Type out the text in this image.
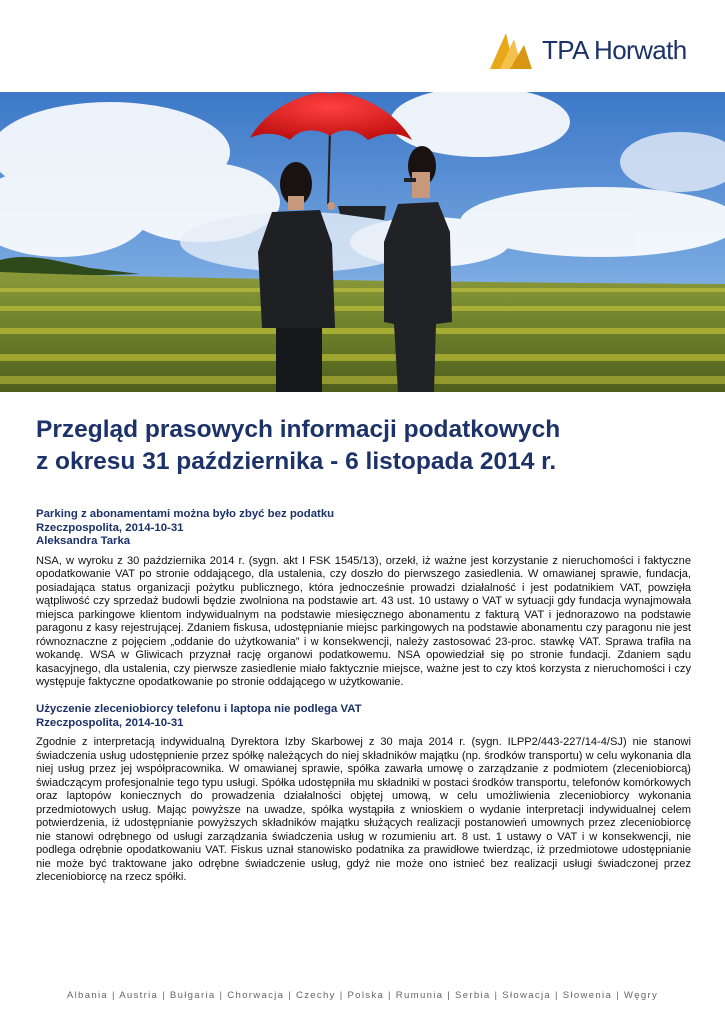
TPA Horwath
Przegląd prasowych informacji podatkowych
z okresu 31 października - 6 listopada 2014 r.
Parking z abonamentami można było zbyć bez podatku
Rzeczpospolita, 2014-10-31
Aleksandra Tarka

NSA, w wyroku z 30 października 2014 r. (sygn. akt I FSK 1545/13), orzekł, iż ważne jest korzystanie z nieruchomości i faktyczne opodatkowanie VAT po stronie oddającego, dla ustalenia, czy doszło do pierwszego zasiedlenia. W omawianej sprawie, fundacja, posiadająca status organizacji pożytku publicznego, która jednocześnie prowadzi działalność i jest podatnikiem VAT, powzięła wątpliwość czy sprzedaż budowli będzie zwolniona na podstawie art. 43 ust. 10 ustawy o VAT w sytuacji gdy fundacja wynajmowała miejsca parkingowe klientom indywidualnym na podstawie miesięcznego abonamentu z fakturą VAT i jednorazowo na podstawie paragonu z kasy rejestrującej. Zdaniem fiskusa, udostępnianie miejsc parkingowych na podstawie abonamentu czy paragonu nie jest równoznaczne z pojęciem „oddanie do użytkowania” i w konsekwencji, należy zastosować 23-proc. stawkę VAT. Sprawa trafiła na wokandę. WSA w Gliwicach przyznał rację organowi podatkowemu. NSA opowiedział się po stronie fundacji. Zdaniem sądu kasacyjnego, dla ustalenia, czy pierwsze zasiedlenie miało faktycznie miejsce, ważne jest to czy ktoś korzysta z nieruchomości i czy występuje faktyczne opodatkowanie po stronie oddającego w użytkowanie.

Użyczenie zleceniobiorcy telefonu i laptopa nie podlega VAT
Rzeczpospolita, 2014-10-31

Zgodnie z interpretacją indywidualną Dyrektora Izby Skarbowej z 30 maja 2014 r. (sygn. ILPP2/443-227/14-4/SJ) nie stanowi świadczenia usług udostępnienie przez spółkę należących do niej składników majątku (np. środków transportu) w celu wykonania dla niej usług przez jej współpracownika. W omawianej sprawie, spółka zawarła umowę o zarządzanie z podmiotem (zleceniobiorcą) świadczącym profesjonalnie tego typu usługi. Spółka udostępniła mu składniki w postaci środków transportu, telefonów komórkowych oraz laptopów koniecznych do prowadzenia działalności objętej umową, w celu umożliwienia zleceniobiorcy wykonania przedmiotowych usług. Mając powyższe na uwadze, spółka wystąpiła z wnioskiem o wydanie interpretacji indywidualnej celem potwierdzenia, iż udostępnianie powyższych składników majątku służących realizacji postanowień umownych przez zleceniobiorcę nie stanowi odrębnego od usługi zarządzania świadczenia usług w rozumieniu art. 8 ust. 1 ustawy o VAT i w konsekwencji, nie podlega odrębnie opodatkowaniu VAT. Fiskus uznał stanowisko podatnika za prawidłowe twierdząc, iż przedmiotowe udostępnianie nie może być traktowane jako odrębne świadczenie usług, gdyż nie może ono istnieć bez realizacji usługi świadczonej przez zleceniobiorcę na rzecz spółki.

Albania | Austria | Bułgaria | Chorwacja | Czechy | Polska | Rumunia | Serbia | Słowacja | Słowenia | Węgry
